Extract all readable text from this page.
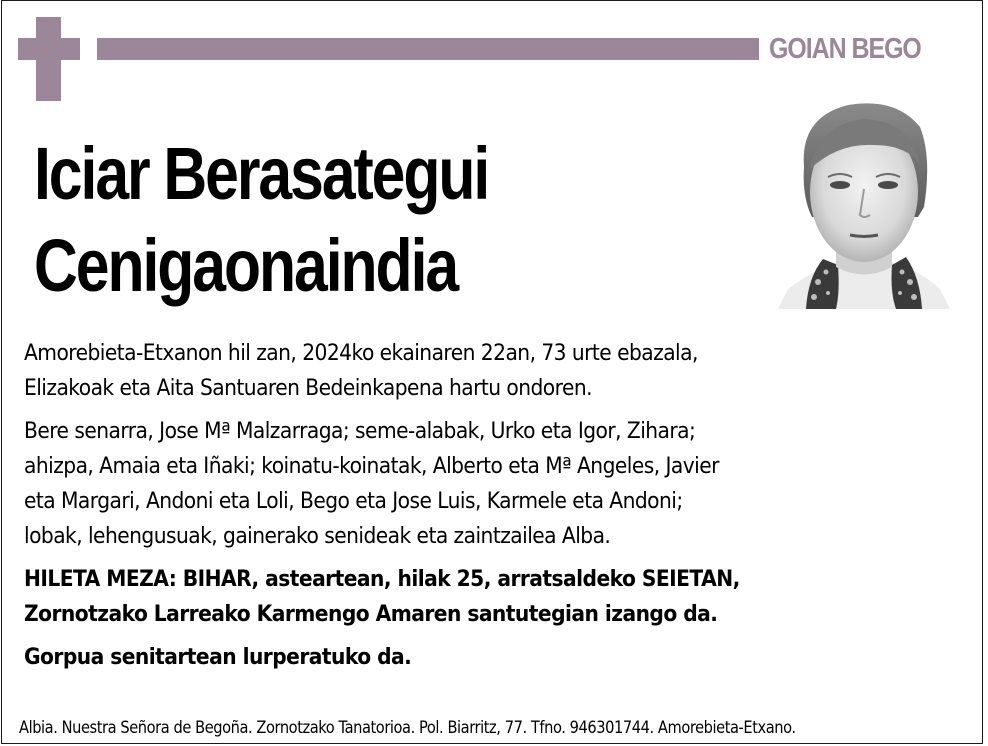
GOIAN BEGO
Iciar Berasategui
Cenigaonaindia
Amorebieta-Etxanon hil zan, 2024ko ekainaren 22an, 73 urte ebazala,
Elizakoak eta Aita Santuaren Bedeinkapena hartu ondoren.
Bere senarra, Jose Mª Malzarraga; seme-alabak, Urko eta Igor, Zihara;
ahizpa, Amaia eta Iñaki; koinatu-koinatak, Alberto eta Mª Angeles, Javier
eta Margari, Andoni eta Loli, Bego eta Jose Luis, Karmele eta Andoni;
lobak, lehengusuak, gainerako senideak eta zaintzailea Alba.
HILETA MEZA: BIHAR, asteartean, hilak 25, arratsaldeko SEIETAN,
Zornotzako Larreako Karmengo Amaren santutegian izango da.
Gorpua senitartean lurperatuko da.
Albia. Nuestra Señora de Begoña. Zornotzako Tanatorioa. Pol. Biarritz, 77. Tfno. 946301744. Amorebieta-Etxano.
